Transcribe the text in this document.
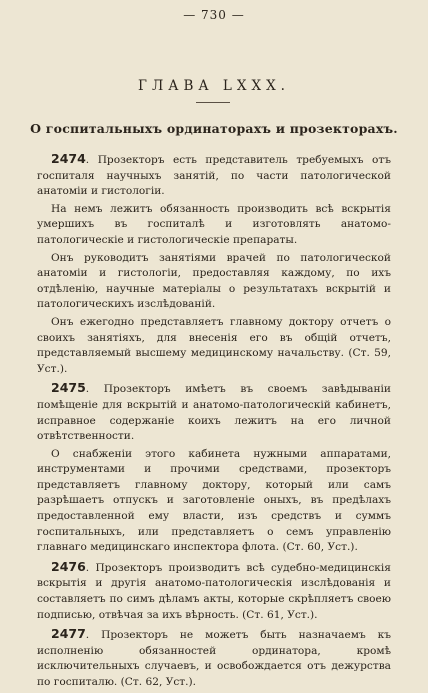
— 730 —
ГЛАВА LXXX.
О госпитальныхъ ординаторахъ и прозекторахъ.

2474. Прозекторъ есть представитель требуемыхъ отъ госпиталя научныхъ занятій, по части патологической анатоміи и гистологіи.

На немъ лежитъ обязанность производить всѣ вскрытія умершихъ въ госпиталѣ и изготовлять анатомо-патологическіе и гистологическіе препараты.

Онъ руководитъ занятіями врачей по патологической анатоміи и гистологіи, предоставляя каждому, по ихъ отдѣленію, научные матеріалы о результатахъ вскрытій и патологическихъ изслѣдованій.

Онъ ежегодно представляетъ главному доктору отчетъ о своихъ занятіяхъ, для внесенія его въ общій отчетъ, представляемый высшему медицинскому начальству. (Ст. 59, Уст.).

2475. Прозекторъ имѣетъ въ своемъ завѣдываніи помѣщеніе для вскрытій и анатомо-патологическій кабинетъ, исправное содержаніе коихъ лежитъ на его личной отвѣтственности.

О снабженіи этого кабинета нужными аппаратами, инструментами и прочими средствами, прозекторъ представляетъ главному доктору, который или самъ разрѣшаетъ отпускъ и заготовленіе оныхъ, въ предѣлахъ предоставленной ему власти, изъ средствъ и суммъ госпитальныхъ, или представляетъ о семъ управленію главнаго медицинскаго инспектора флота. (Ст. 60, Уст.).

2476. Прозекторъ производитъ всѣ судебно-медицинскія вскрытія и другія анатомо-патологическія изслѣдованія и составляетъ по симъ дѣламъ акты, которые скрѣпляетъ своею подписью, отвѣчая за ихъ вѣрность. (Ст. 61, Уст.).

2477. Прозекторъ не можетъ быть назначаемъ къ исполненію обязанностей ординатора, кромѣ исключительныхъ случаевъ, и освобождается отъ дежурства по госпиталю. (Ст. 62, Уст.).
